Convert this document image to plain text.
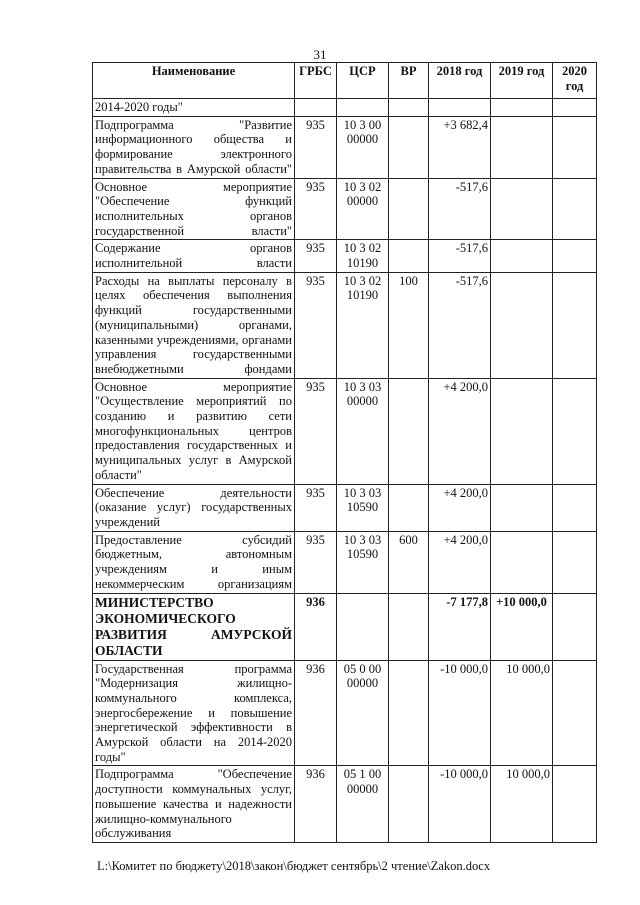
31
Наименование	ГРБС	ЦСР	ВР	2018 год	2019 год	2020 год
2014-2020 годы"						
Подпрограмма "Развитие информационного общества и формирование электронного правительства в Амурской области"	935	10 3 00 00000		+3 682,4		
Основное мероприятие "Обеспечение функций исполнительных органов государственной власти"	935	10 3 02 00000		-517,6		
Содержание органов исполнительной власти	935	10 3 02 10190		-517,6		
Расходы на выплаты персоналу в целях обеспечения выполнения функций государственными (муниципальными) органами, казенными учреждениями, органами управления государственными внебюджетными фондами	935	10 3 02 10190	100	-517,6		
Основное мероприятие "Осуществление мероприятий по созданию и развитию сети многофункциональных центров предоставления государственных и муниципальных услуг в Амурской области"	935	10 3 03 00000		+4 200,0		
Обеспечение деятельности (оказание услуг) государственных учреждений	935	10 3 03 10590		+4 200,0		
Предоставление субсидий бюджетным, автономным учреждениям и иным некоммерческим организациям	935	10 3 03 10590	600	+4 200,0		
МИНИСТЕРСТВО ЭКОНОМИЧЕСКОГО РАЗВИТИЯ АМУРСКОЙ ОБЛАСТИ	936			-7 177,8	+10 000,0	
Государственная программа "Модернизация жилищно-коммунального комплекса, энергосбережение и повышение энергетической эффективности в Амурской области на 2014-2020 годы"	936	05 0 00 00000		-10 000,0	10 000,0	
Подпрограмма "Обеспечение доступности коммунальных услуг, повышение качества и надежности жилищно-коммунального обслуживания	936	05 1 00 00000		-10 000,0	10 000,0	
L:\Комитет по бюджету\2018\закон\бюджет сентябрь\2 чтение\Zakon.docx
